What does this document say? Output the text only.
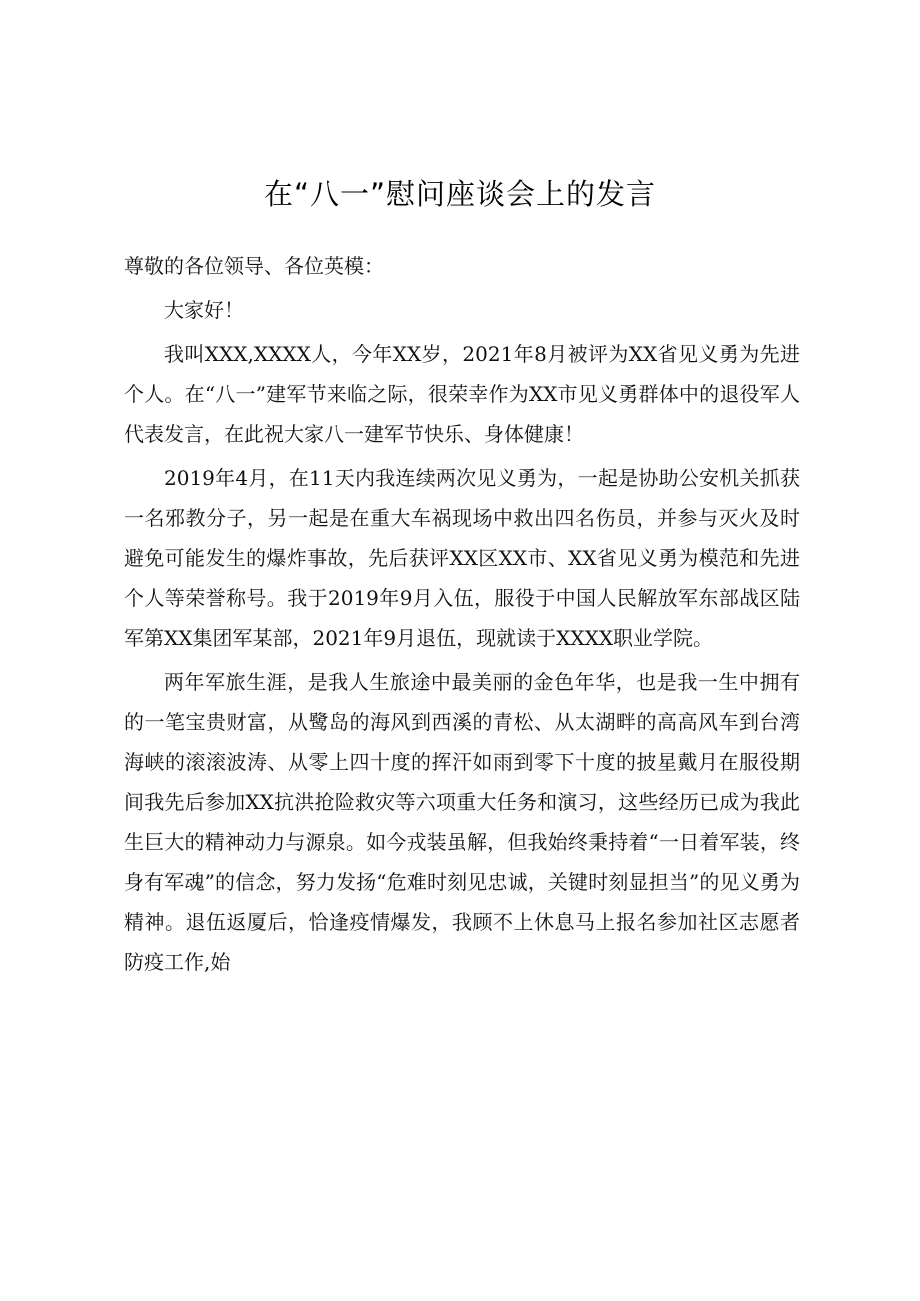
在“八一”慰问座谈会上的发言

尊敬的各位领导、各位英模：

大家好！

我叫XXX,XXXX人，今年XX岁，2021年8月被评为XX省见义勇为先进个人。在“八一”建军节来临之际，很荣幸作为XX市见义勇群体中的退役军人代表发言，在此祝大家八一建军节快乐、身体健康！

2019年4月，在11天内我连续两次见义勇为，一起是协助公安机关抓获一名邪教分子，另一起是在重大车祸现场中救出四名伤员，并参与灭火及时避免可能发生的爆炸事故，先后获评XX区XX市、XX省见义勇为模范和先进个人等荣誉称号。我于2019年9月入伍，服役于中国人民解放军东部战区陆军第XX集团军某部，2021年9月退伍，现就读于XXXX职业学院。

两年军旅生涯，是我人生旅途中最美丽的金色年华，也是我一生中拥有的一笔宝贵财富，从鹭岛的海风到西溪的青松、从太湖畔的高高风车到台湾海峡的滚滚波涛、从零上四十度的挥汗如雨到零下十度的披星戴月在服役期间我先后参加XX抗洪抢险救灾等六项重大任务和演习，这些经历已成为我此生巨大的精神动力与源泉。如今戎装虽解，但我始终秉持着“一日着军装，终身有军魂”的信念，努力发扬“危难时刻见忠诚，关键时刻显担当”的见义勇为精神。退伍返厦后，恰逢疫情爆发，我顾不上休息马上报名参加社区志愿者防疫工作,始
